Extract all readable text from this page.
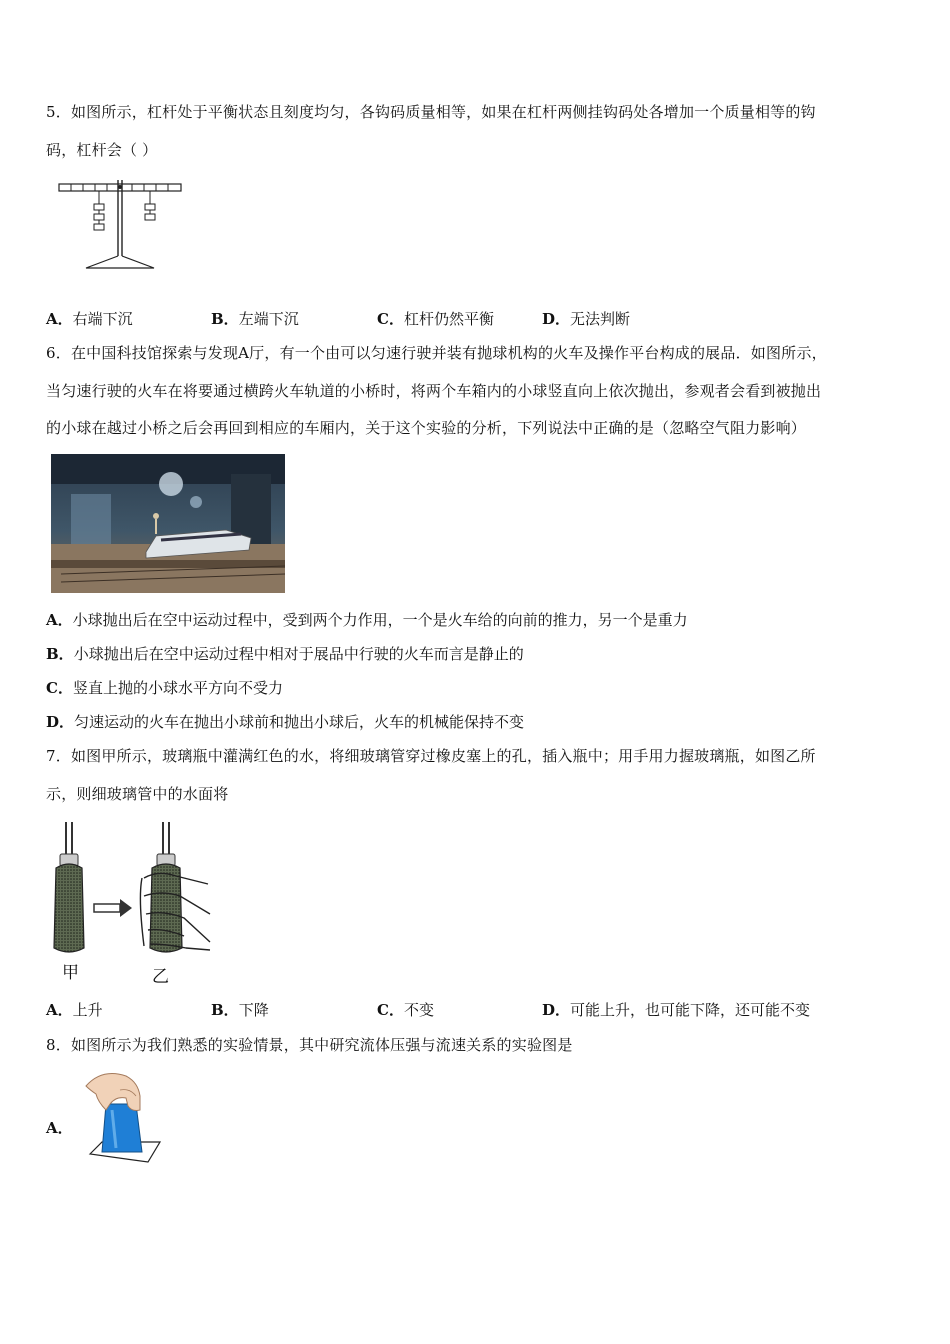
5．如图所示，杠杆处于平衡状态且刻度均匀，各钩码质量相等，如果在杠杆两侧挂钩码处各增加一个质量相等的钩
码，杠杆会（ ）
A．右端下沉	B．左端下沉	C．杠杆仍然平衡	D．无法判断
6．在中国科技馆探索与发现A厅，有一个由可以匀速行驶并装有抛球机构的火车及操作平台构成的展品．如图所示，
当匀速行驶的火车在将要通过横跨火车轨道的小桥时，将两个车箱内的小球竖直向上依次抛出，参观者会看到被抛出
的小球在越过小桥之后会再回到相应的车厢内，关于这个实验的分析，下列说法中正确的是（忽略空气阻力影响）
A．小球抛出后在空中运动过程中，受到两个力作用，一个是火车给的向前的推力，另一个是重力
B．小球抛出后在空中运动过程中相对于展品中行驶的火车而言是静止的
C．竖直上抛的小球水平方向不受力
D．匀速运动的火车在抛出小球前和抛出小球后，火车的机械能保持不变
7．如图甲所示，玻璃瓶中灌满红色的水，将细玻璃管穿过橡皮塞上的孔，插入瓶中；用手用力握玻璃瓶，如图乙所
示，则细玻璃管中的水面将
甲	乙
A．上升	B．下降	C．不变	D．可能上升，也可能下降，还可能不变
8．如图所示为我们熟悉的实验情景，其中研究流体压强与流速关系的实验图是
A．
